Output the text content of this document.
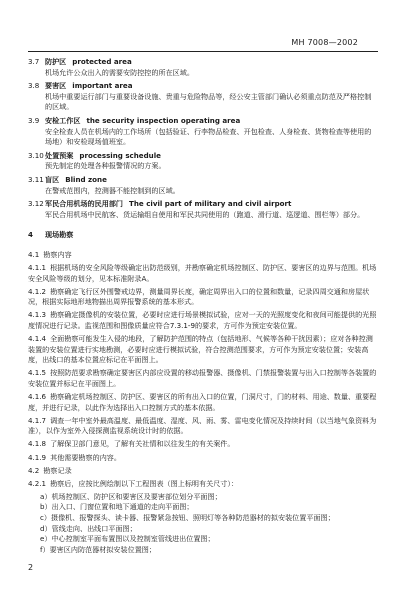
MH 7008—2002
3.7 防护区 protected area
机场允许公众出入的需要安防控控的所在区域。
3.8 要害区 important area
机场中重要运行部门与重要设备设施、贵重与危险物品等，经公安主管部门确认必须重点防范及严格控制的区域。
3.9 安检工作区 the security inspection operating area
安全检查人员在机场内的工作场所（包括验证、行李物品检查、开包检查、人身检查、货物检查等使用的场地）和安检现场值班室。
3.10 处置预案 processing schedule
预先制定的处理各种报警情况的方案。
3.11 盲区 Blind zone
在警戒范围内，控测器不能控制到的区域。
3.12 军民合用机场的民用部门 The civil part of military and civil airport
军民合用机场中民航客、货运输组自使用和军民共同使用的（跑道、滑行道、巡逻道、围栏等）部分。
4 现场勘察
4.1 勘察内容
4.1.1 根据机场的安全风险等级确定出防范级别，并勘察确定机场控制区、防护区、要害区的边界与范围。机场安全风险等级的划分，见本标准附录A。
4.1.2 勘察确定飞行区外围警戒边界，测量周界长度，确定周界出入口的位置和数量，记录四周交通和房屋状况，根据实际地形地物描出周界报警系统的基本形式。
4.1.3 勘察确定摄像机的安装位置，必要时应进行场景模拟试验，应对一天的光照度变化和夜间可能提供的光照度情况进行记录。监视范围和图像质量应符合7.3.1-9的要求，方可作为预定安装位置。
4.1.4 全面勘察可能发生入侵的地段，了解防护范围的特点（包括地形、气候等各种干扰因素）；应对各种控测装置的安装位置进行实地勘测，必要时应进行模拟试验，符合控测范围要求，方可作为预定安装位置；安装高度，出线口的基本位置应标记在平面图上。
4.1.5 按照防范要求勘察确定要害区内部应设置的移动报警器、摄像机、门禁报警装置与出入口控制等各装置的安装位置并标记在平面图上。
4.1.6 勘察确定机场控制区、防护区、要害区的所有出入口的位置，门洞尺寸，门的材料、用途、数量、重要程度，并进行记录，以此作为选择出入口控制方式的基本依据。
4.1.7 调查一年中室外最高温度、最低温度、湿度、风、雨、雾、雷电变化情况及持续时间（以当地气象资料为准），以作为室外入侵探测监视系统设计时的依据。
4.1.8 了解保卫部门意见，了解有关社情和以往发生的有关案件。
4.1.9 其他需要勘察的内容。
4.2 勘察记录
4.2.1 勘察后，应按比例绘制以下工程图表（图上标明有关尺寸）：
a）机场控制区、防护区和要害区及要害部位划分平面图；
b）出入口、门窗位置和地下通道的走向平面图；
c）摄像机、报警探头、读卡器、报警紧急按钮、照明灯等各种防范器材的拟安装位置平面图；
d）管线走向、出线口平面图；
e）中心控制室平面布置图以及控制室管线进出位置图；
f）要害区内防范器材拟安装位置图；
2
